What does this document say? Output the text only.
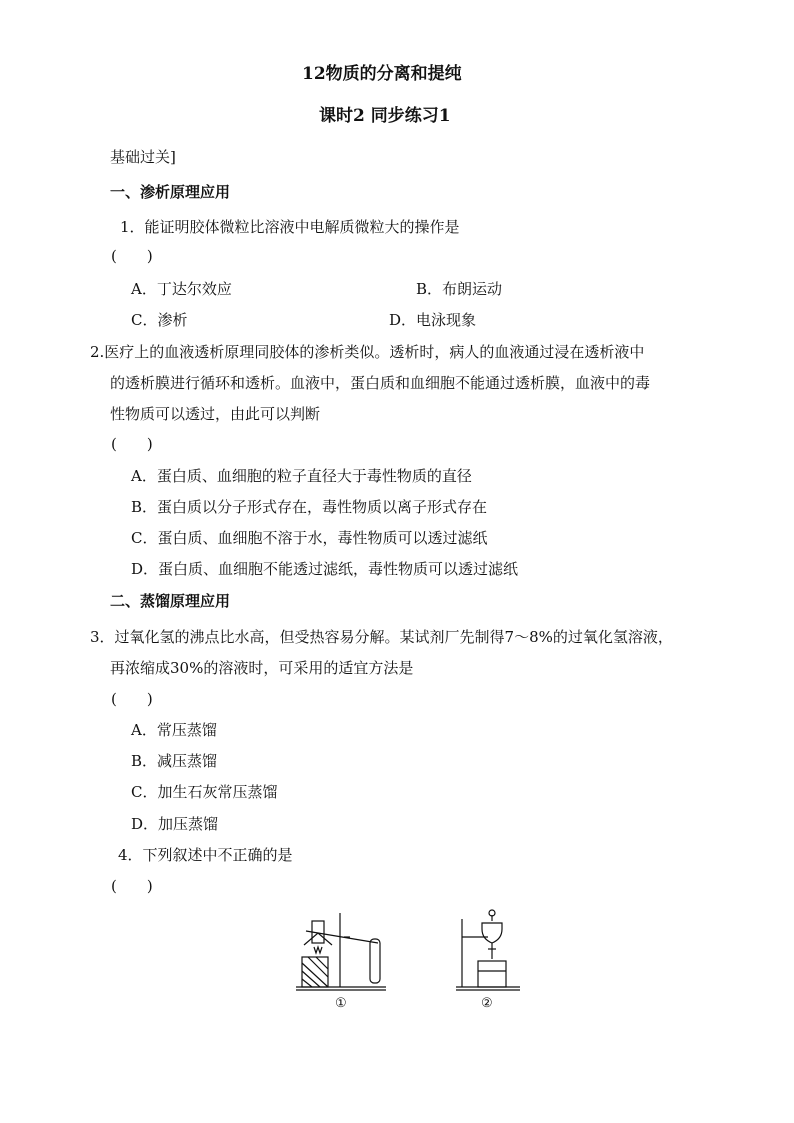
12物质的分离和提纯
课时2 同步练习1
基础过关]
一、渗析原理应用
1．能证明胶体微粒比溶液中电解质微粒大的操作是
(　　)
A．丁达尔效应	B．布朗运动
C．渗析	D．电泳现象
2.医疗上的血液透析原理同胶体的渗析类似。透析时，病人的血液通过浸在透析液中
的透析膜进行循环和透析。血液中，蛋白质和血细胞不能通过透析膜，血液中的毒
性物质可以透过，由此可以判断
(　　)
A．蛋白质、血细胞的粒子直径大于毒性物质的直径
B．蛋白质以分子形式存在，毒性物质以离子形式存在
C．蛋白质、血细胞不溶于水，毒性物质可以透过滤纸
D．蛋白质、血细胞不能透过滤纸，毒性物质可以透过滤纸
二、蒸馏原理应用
3．过氧化氢的沸点比水高，但受热容易分解。某试剂厂先制得7～8%的过氧化氢溶液，
再浓缩成30%的溶液时，可采用的适宜方法是
(　　)
A．常压蒸馏
B．减压蒸馏
C．加生石灰常压蒸馏
D．加压蒸馏
4．下列叙述中不正确的是
(　　)
①	②
